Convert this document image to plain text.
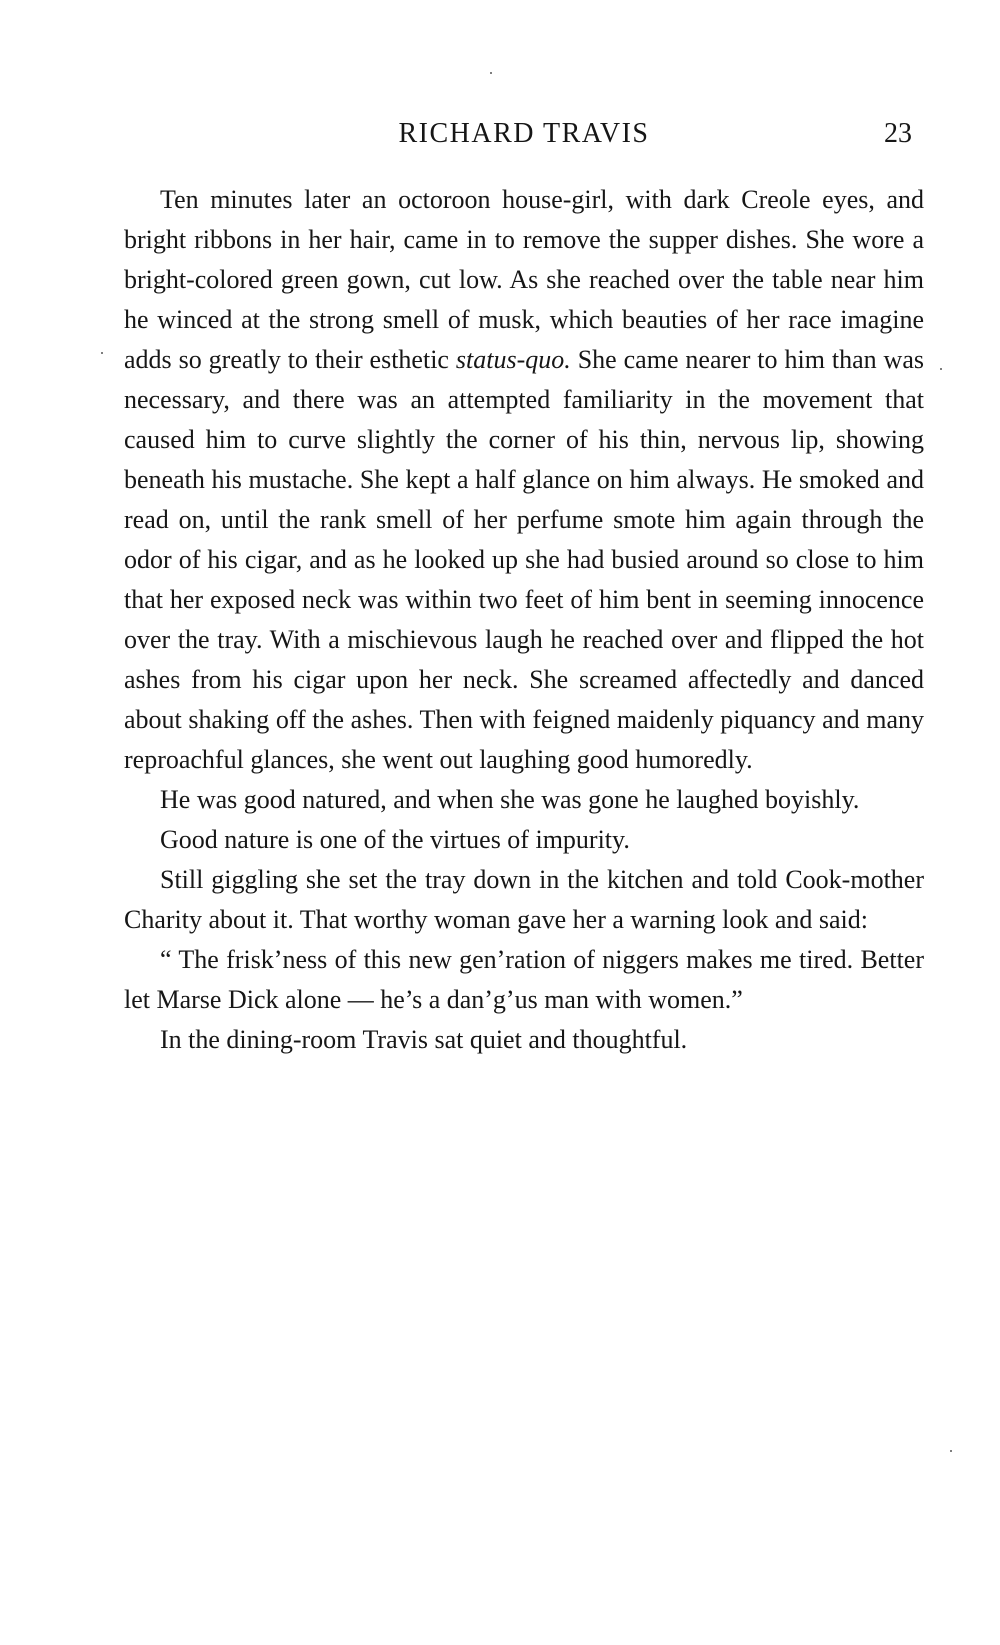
RICHARD TRAVIS	23

Ten minutes later an octoroon house-girl, with dark Creole eyes, and bright ribbons in her hair, came in to remove the supper dishes. She wore a bright-colored green gown, cut low. As she reached over the table near him he winced at the strong smell of musk, which beauties of her race imagine adds so greatly to their esthetic status-quo. She came nearer to him than was necessary, and there was an attempted familiarity in the movement that caused him to curve slightly the corner of his thin, nervous lip, showing beneath his mustache. She kept a half glance on him always. He smoked and read on, until the rank smell of her perfume smote him again through the odor of his cigar, and as he looked up she had busied around so close to him that her exposed neck was within two feet of him bent in seeming innocence over the tray. With a mischievous laugh he reached over and flipped the hot ashes from his cigar upon her neck. She screamed affectedly and danced about shaking off the ashes. Then with feigned maidenly piquancy and many reproachful glances, she went out laughing good humoredly.

He was good natured, and when she was gone he laughed boyishly.

Good nature is one of the virtues of impurity.

Still giggling she set the tray down in the kitchen and told Cook-mother Charity about it. That worthy woman gave her a warning look and said:

“ The frisk’ness of this new gen’ration of niggers makes me tired. Better let Marse Dick alone — he’s a dan’g’us man with women.”

In the dining-room Travis sat quiet and thoughtful.
